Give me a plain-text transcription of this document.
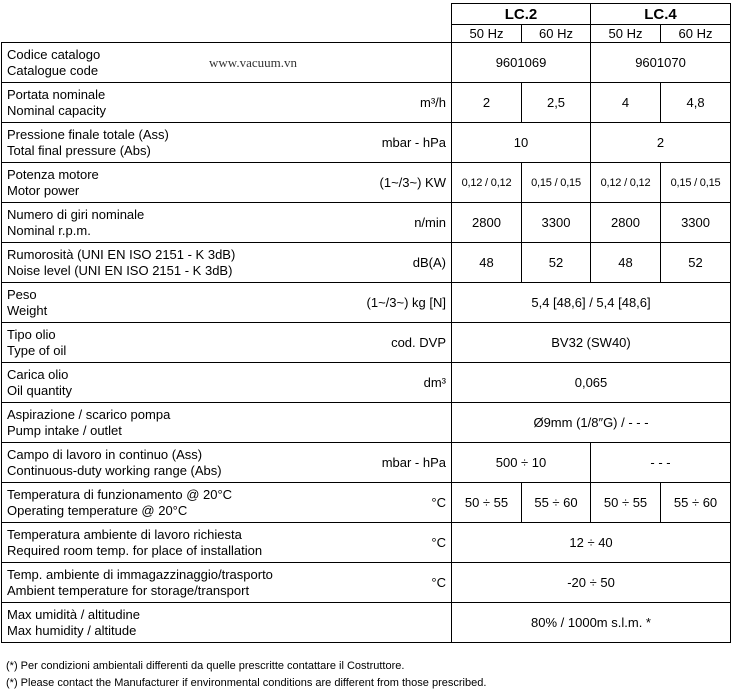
	LC.2		LC.4	
	50 Hz	60 Hz	50 Hz	60 Hz

Codice catalogo
Catalogue code www.vacuum.vn	9601069		9601070	

Portata nominale
Nominal capacity
m³/h	2	2,5	4	4,8

Pressione finale totale (Ass)
Total final pressure (Abs)
mbar - hPa	10		2	

Potenza motore
Motor power
(1~/3~) KW	0,12 / 0,12	0,15 / 0,15	0,12 / 0,12	0,15 / 0,15

Numero di giri nominale
Nominal r.p.m.
n/min	2800	3300	2800	3300

Rumorosità (UNI EN ISO 2151 - K 3dB)
Noise level (UNI EN ISO 2151 - K 3dB)
dB(A)	48	52	48	52

Peso
Weight
(1~/3~) kg [N]	5,4 [48,6] / 5,4 [48,6]			

Tipo olio
Type of oil
cod. DVP	BV32 (SW40)			

Carica olio
Oil quantity
dm³	0,065			

Aspirazione / scarico pompa
Pump intake / outlet	Ø9mm (1/8″G) / - - -			

Campo di lavoro in continuo (Ass)
Continuous-duty working range (Abs)
mbar - hPa	500 ÷ 10		- - -	

Temperatura di funzionamento @ 20°C
Operating temperature @ 20°C
°C	50 ÷ 55	55 ÷ 60	50 ÷ 55	55 ÷ 60

Temperatura ambiente di lavoro richiesta
Required room temp. for place of installation
°C	12 ÷ 40			

Temp. ambiente di immagazzinaggio/trasporto
Ambient temperature for storage/transport
°C	-20 ÷ 50			

Max umidità / altitudine
Max humidity / altitude	80% / 1000m s.l.m. *			
(*) Per condizioni ambientali differenti da quelle prescritte contattare il Costruttore.
(*) Please contact the Manufacturer if environmental conditions are different from those prescribed.
